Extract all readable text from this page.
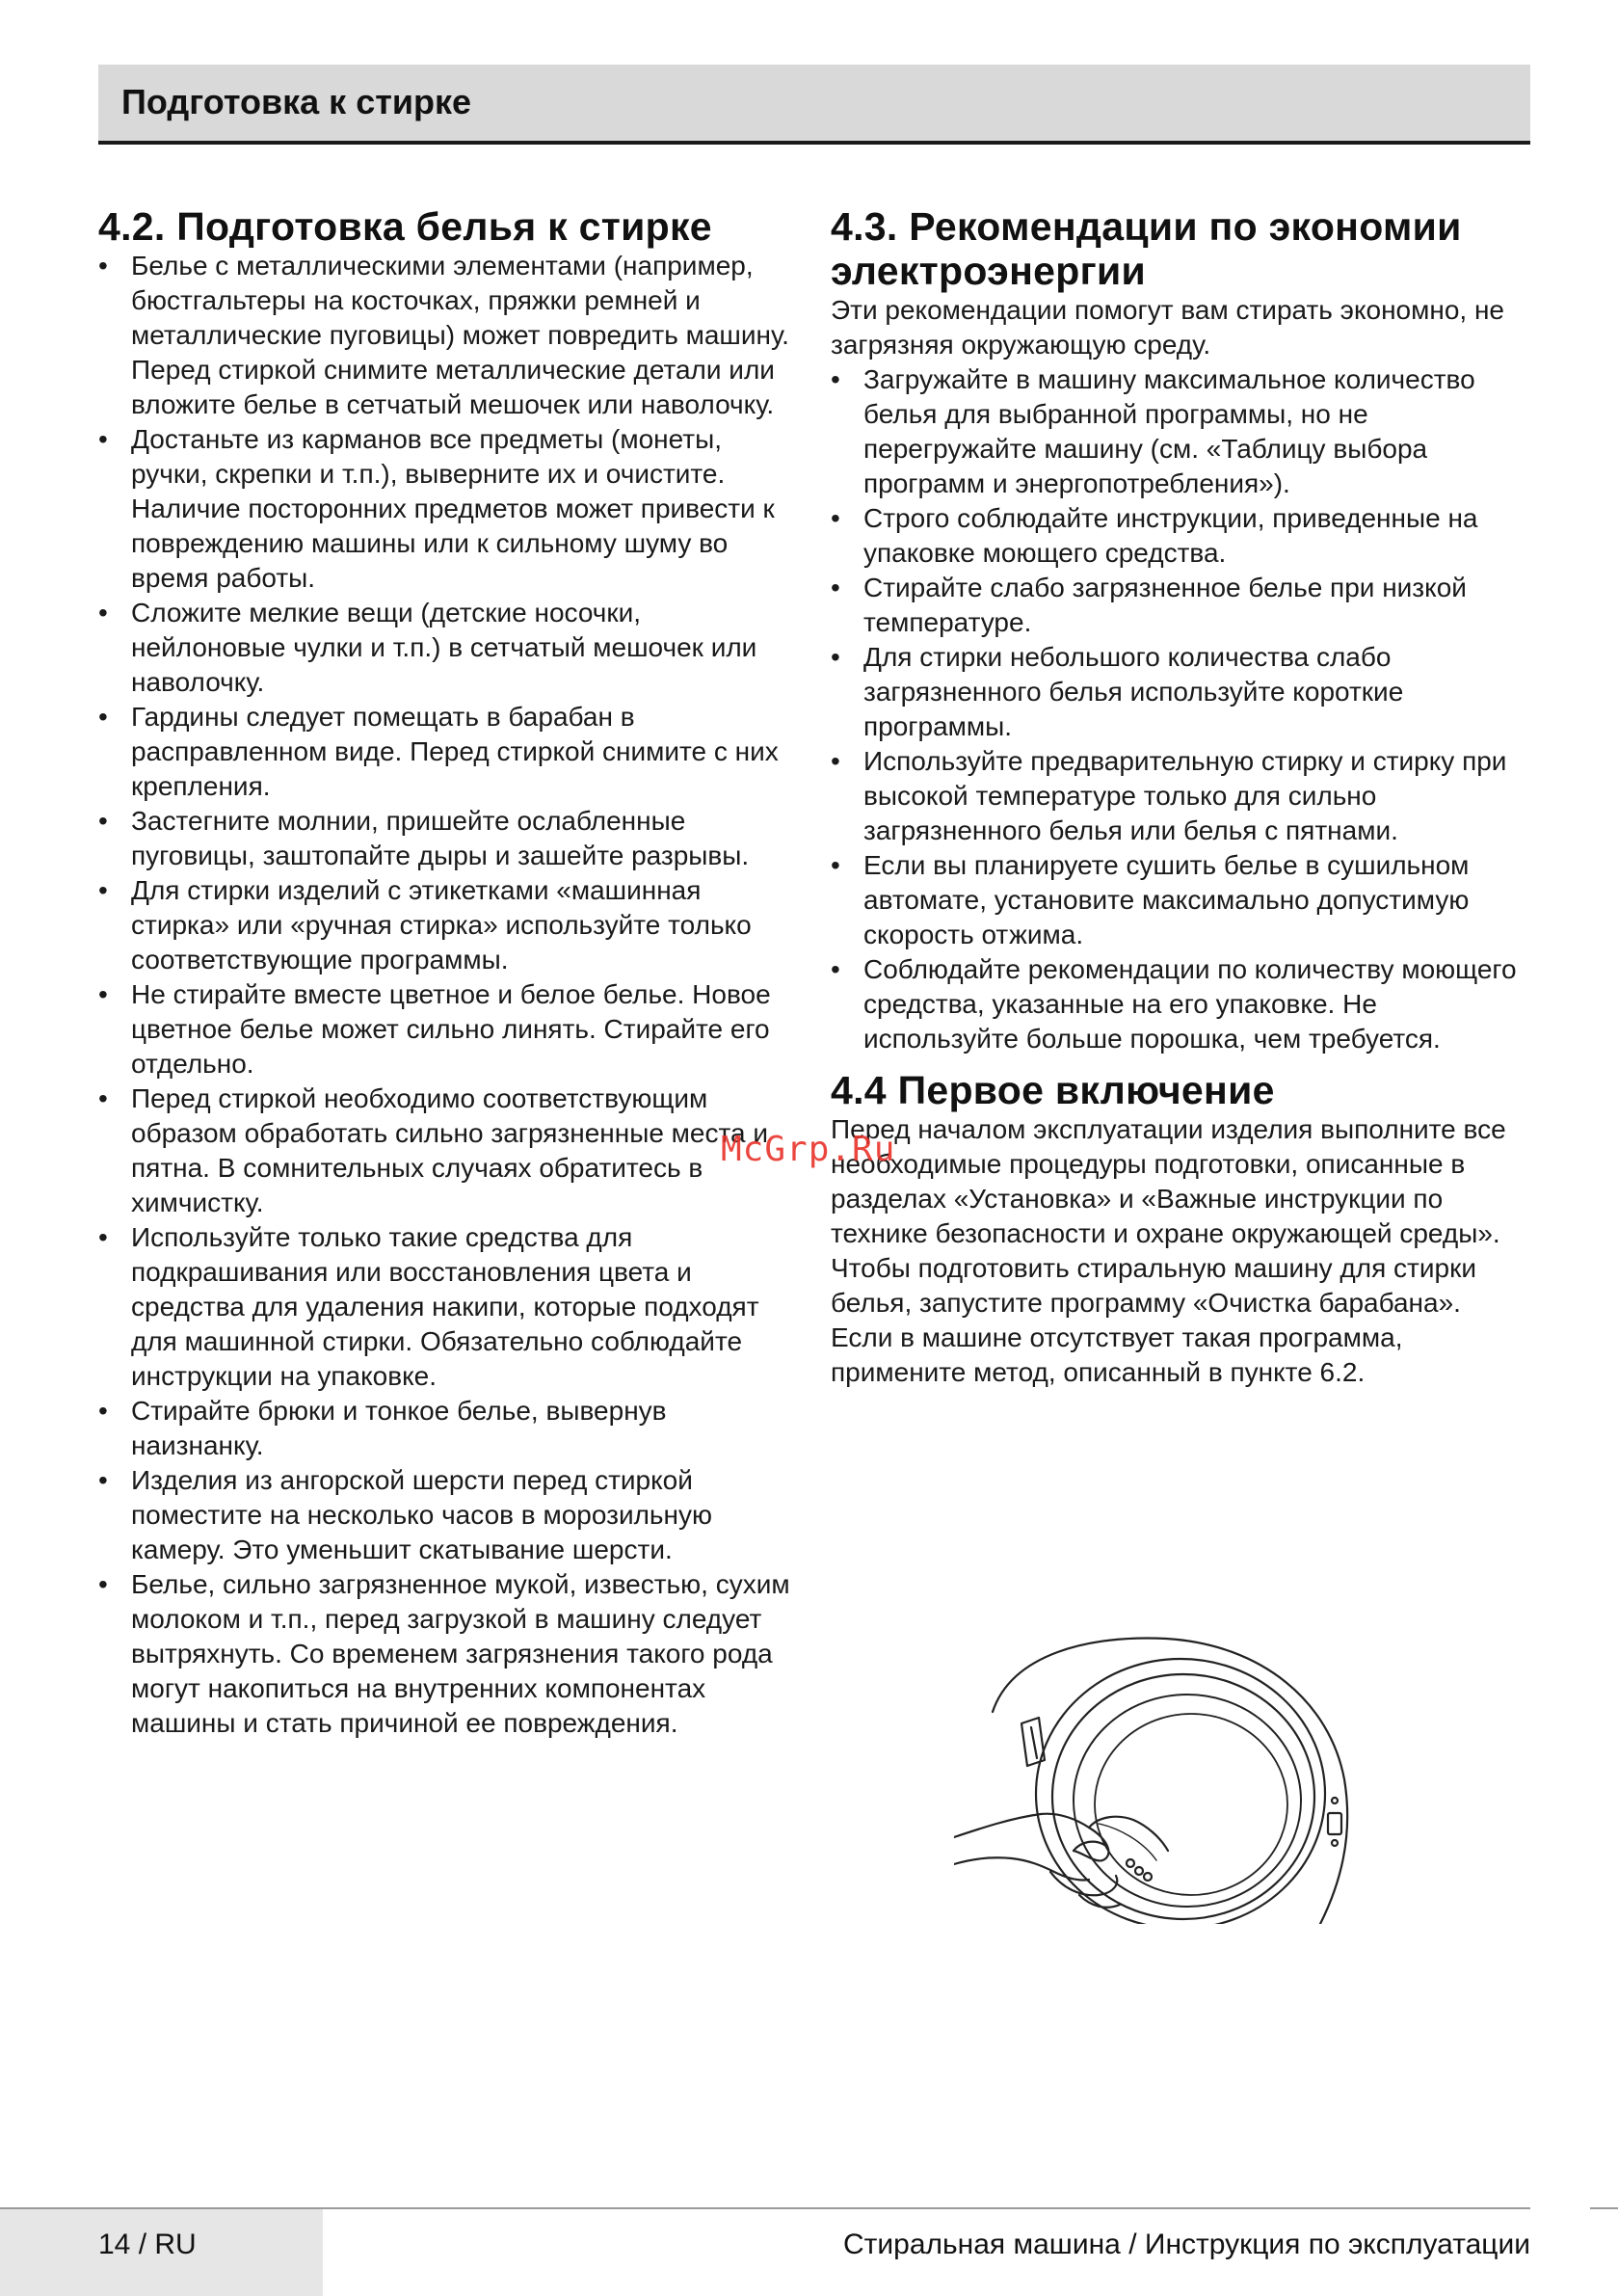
Подготовка к стирке
4.2. Подготовка белья к стирке
• Белье с металлическими элементами (например, бюстгальтеры на косточках, пряжки ремней и металлические пуговицы) может повредить машину. Перед стиркой снимите металлические детали или вложите белье в сетчатый мешочек или наволочку.
• Достаньте из карманов все предметы (монеты, ручки, скрепки и т.п.), выверните их и очистите. Наличие посторонних предметов может привести к повреждению машины или к сильному шуму во время работы.
• Сложите мелкие вещи (детские носочки, нейлоновые чулки и т.п.) в сетчатый мешочек или наволочку.
• Гардины следует помещать в барабан в расправленном виде. Перед стиркой снимите с них крепления.
• Застегните молнии, пришейте ослабленные пуговицы, заштопайте дыры и зашейте разрывы.
• Для стирки изделий с этикетками «машинная стирка» или «ручная стирка» используйте только соответствующие программы.
• Не стирайте вместе цветное и белое белье. Новое цветное белье может сильно линять. Стирайте его отдельно.
• Перед стиркой необходимо соответствующим образом обработать сильно загрязненные места и пятна. В сомнительных случаях обратитесь в химчистку.
• Используйте только такие средства для подкрашивания или восстановления цвета и средства для удаления накипи, которые подходят для машинной стирки. Обязательно соблюдайте инструкции на упаковке.
• Стирайте брюки и тонкое белье, вывернув наизнанку.
• Изделия из ангорской шерсти перед стиркой поместите на несколько часов в морозильную камеру. Это уменьшит скатывание шерсти.
• Белье, сильно загрязненное мукой, известью, сухим молоком и т.п., перед загрузкой в машину следует вытряхнуть. Со временем загрязнения такого рода могут накопиться на внутренних компонентах машины и стать причиной ее повреждения.
4.3. Рекомендации по экономии электроэнергии

Эти рекомендации помогут вам стирать экономно, не загрязняя окружающую среду.

• Загружайте в машину максимальное количество белья для выбранной программы, но не перегружайте машину (см. «Таблицу выбора программ и энергопотребления»).
• Строго соблюдайте инструкции, приведенные на упаковке моющего средства.
• Стирайте слабо загрязненное белье при низкой температуре.
• Для стирки небольшого количества слабо загрязненного белья используйте короткие программы.
• Используйте предварительную стирку и стирку при высокой температуре только для сильно загрязненного белья или белья с пятнами.
• Если вы планируете сушить белье в сушильном автомате, установите максимально допустимую скорость отжима.
• Соблюдайте рекомендации по количеству моющего средства, указанные на его упаковке. Не используйте больше порошка, чем требуется.
4.4 Первое включение

Перед началом эксплуатации изделия выполните все необходимые процедуры подготовки, описанные в разделах «Установка» и «Важные инструкции по технике безопасности и охране окружающей среды».

Чтобы подготовить стиральную машину для стирки белья, запустите программу «Очистка барабана». Если в машине отсутствует такая программа, примените метод, описанный в пункте 6.2.

McGrp.Ru
14 / RU	Стиральная машина / Инструкция по эксплуатации
